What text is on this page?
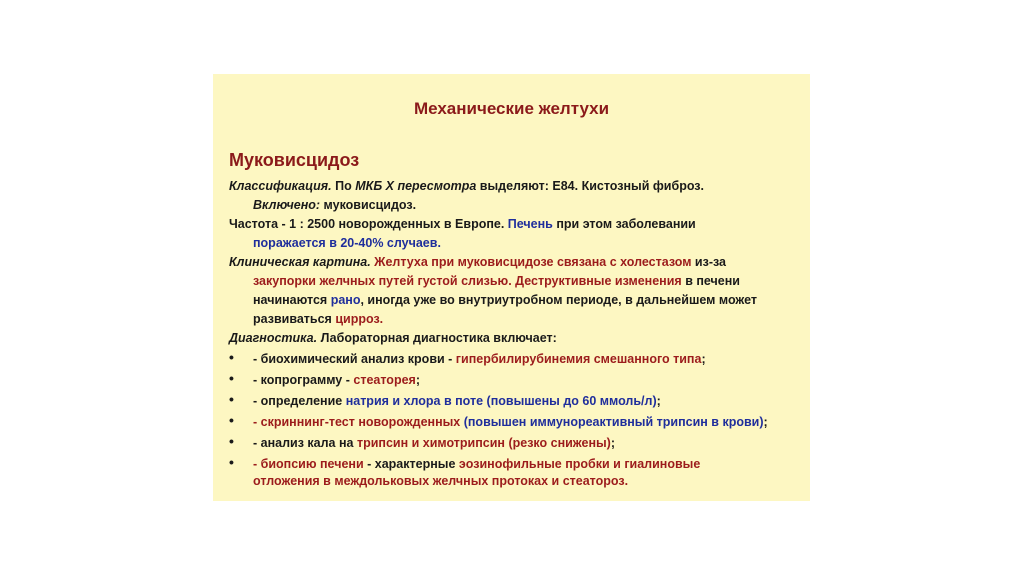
Механические желтухи
Муковисцидоз
Классификация. По МКБ X пересмотра выделяют: Е84. Кистозный фиброз.
Включено: муковисцидоз.
Частота - 1 : 2500 новорожденных в Европе. Печень при этом заболевании
поражается в 20-40% случаев.
Клиническая картина. Желтуха при муковисцидозе связана с холестазом из-за
закупорки желчных путей густой слизью. Деструктивные изменения в печени
начинаются рано, иногда уже во внутриутробном периоде, в дальнейшем может
развиваться цирроз.
Диагностика. Лабораторная диагностика включает:
• - биохимический анализ крови - гипербилирубинемия смешанного типа;
• - копрограмму - стеаторея;
• - определение натрия и хлора в поте (повышены до 60 ммоль/л);
• - скриннинг-тест новорожденных (повышен иммунореактивный трипсин в крови);
• - анализ кала на трипсин и химотрипсин (резко снижены);
• - биопсию печени - характерные эозинофильные пробки и гиалиновые
отложения в междольковых желчных протоках и стеатороз.
